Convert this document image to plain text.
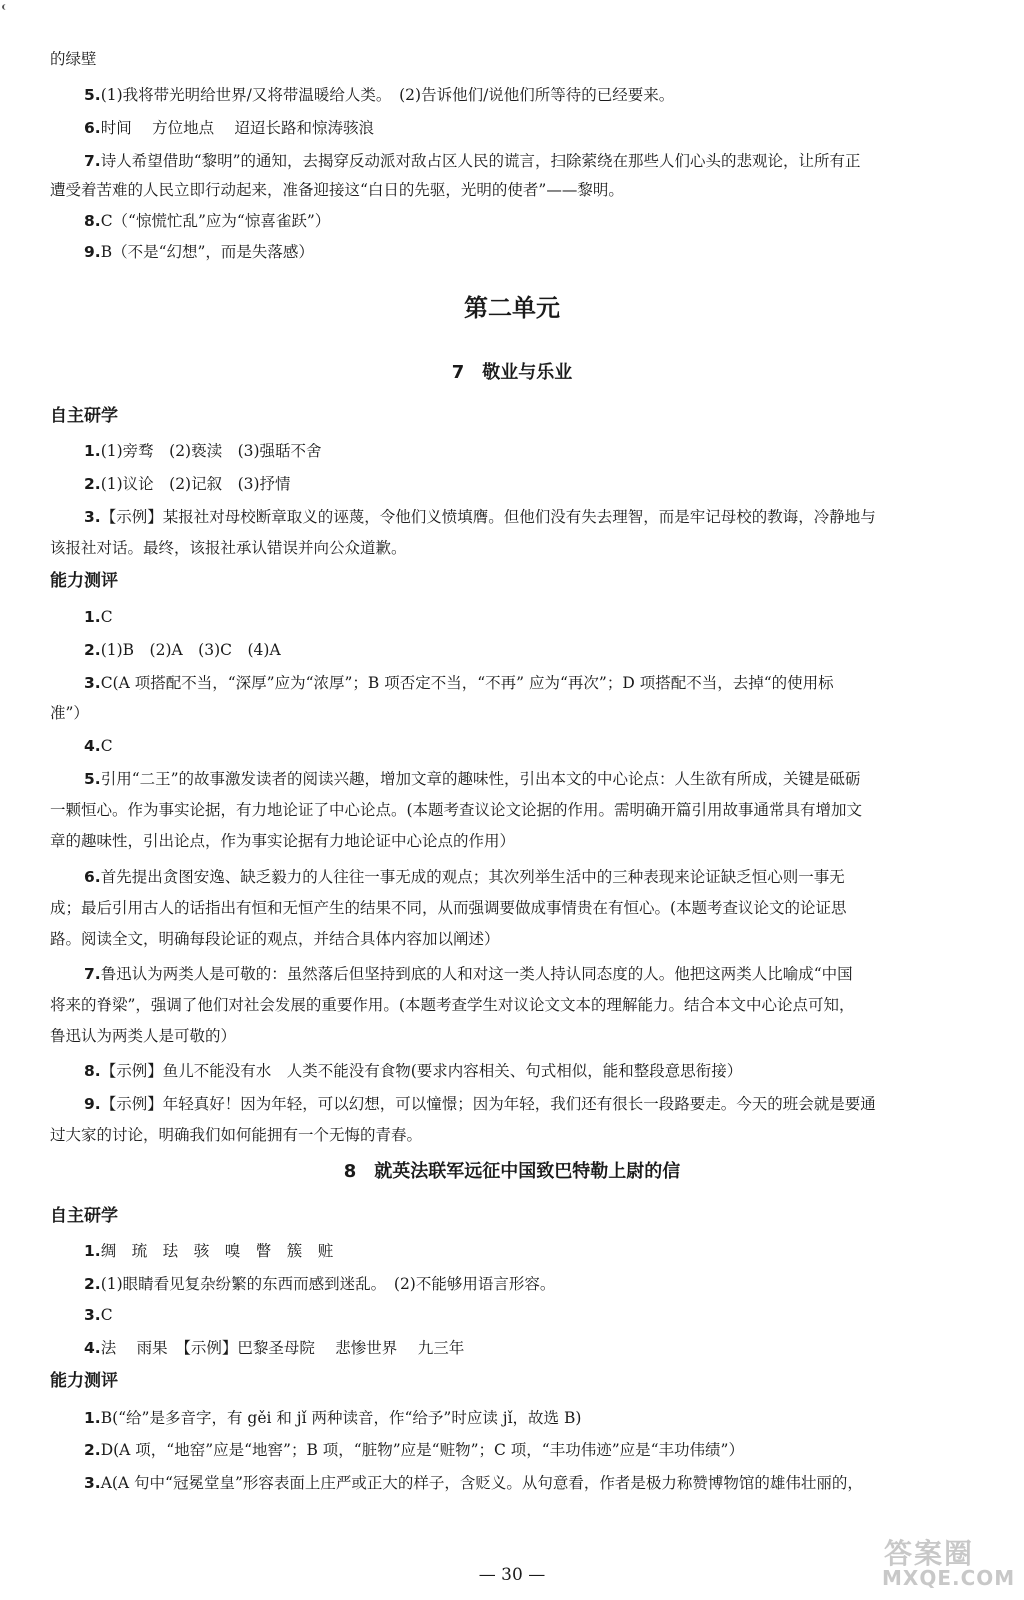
的绿壁
5.(1)我将带光明给世界/又将带温暖给人类。　(2)告诉他们/说他们所等待的已经要来。
6.时间　 方位地点　 迢迢长路和惊涛骇浪
7.诗人希望借助“黎明”的通知，去揭穿反动派对敌占区人民的谎言，扫除萦绕在那些人们心头的悲观论，让所有正
遭受着苦难的人民立即行动起来，准备迎接这“白日的先驱，光明的使者”——黎明。
8.C（“惊慌忙乱”应为“惊喜雀跃”）
9.B（不是“幻想”，而是失落感）
第二单元
7　敬业与乐业
自主研学
1.(1)旁骛　(2)亵渎　(3)强聒不舍
2.(1)议论　(2)记叙　(3)抒情
3.【示例】某报社对母校断章取义的诬蔑，令他们义愤填膺。但他们没有失去理智，而是牢记母校的教诲，冷静地与
该报社对话。最终，该报社承认错误并向公众道歉。
能力测评
1.C
2.(1)B　(2)A　(3)C　(4)A
3.C(A 项搭配不当，“深厚”应为“浓厚”；B 项否定不当，“不再” 应为“再次”；D 项搭配不当，去掉“的使用标
准”）
4.C
5.引用“二王”的故事激发读者的阅读兴趣，增加文章的趣味性，引出本文的中心论点：人生欲有所成，关键是砥砺
一颗恒心。作为事实论据，有力地论证了中心论点。(本题考查议论文论据的作用。需明确开篇引用故事通常具有增加文
章的趣味性，引出论点，作为事实论据有力地论证中心论点的作用）
6.首先提出贪图安逸、缺乏毅力的人往往一事无成的观点；其次列举生活中的三种表现来论证缺乏恒心则一事无
成；最后引用古人的话指出有恒和无恒产生的结果不同，从而强调要做成事情贵在有恒心。(本题考查议论文的论证思
路。阅读全文，明确每段论证的观点，并结合具体内容加以阐述）
7.鲁迅认为两类人是可敬的：虽然落后但坚持到底的人和对这一类人持认同态度的人。他把这两类人比喻成“中国
将来的脊梁”，强调了他们对社会发展的重要作用。(本题考查学生对议论文文本的理解能力。结合本文中心论点可知，
鲁迅认为两类人是可敬的）
8.【示例】鱼儿不能没有水　人类不能没有食物(要求内容相关、句式相似，能和整段意思衔接）
9.【示例】年轻真好！因为年轻，可以幻想，可以憧憬；因为年轻，我们还有很长一段路要走。今天的班会就是要通
过大家的讨论，明确我们如何能拥有一个无悔的青春。
8　就英法联军远征中国致巴特勒上尉的信
自主研学
1.绸　琉　珐　骇　嗅　瞥　簇　赃
2.(1)眼睛看见复杂纷繁的东西而感到迷乱。　(2)不能够用语言形容。
3.C
4.法　 雨果　【示例】巴黎圣母院　 悲惨世界　 九三年
能力测评
1.B(“给”是多音字，有 gěi 和 jǐ 两种读音，作“给予”时应读 jǐ，故选 B)
2.D(A 项，“地窑”应是“地窖”；B 项，“脏物”应是“赃物”；C 项，“丰功伟迹”应是“丰功伟绩”）
3.A(A 句中“冠冕堂皇”形容表面上庄严或正大的样子，含贬义。从句意看，作者是极力称赞博物馆的雄伟壮丽的，
— 30 —
答案圈
MXQE.COM
